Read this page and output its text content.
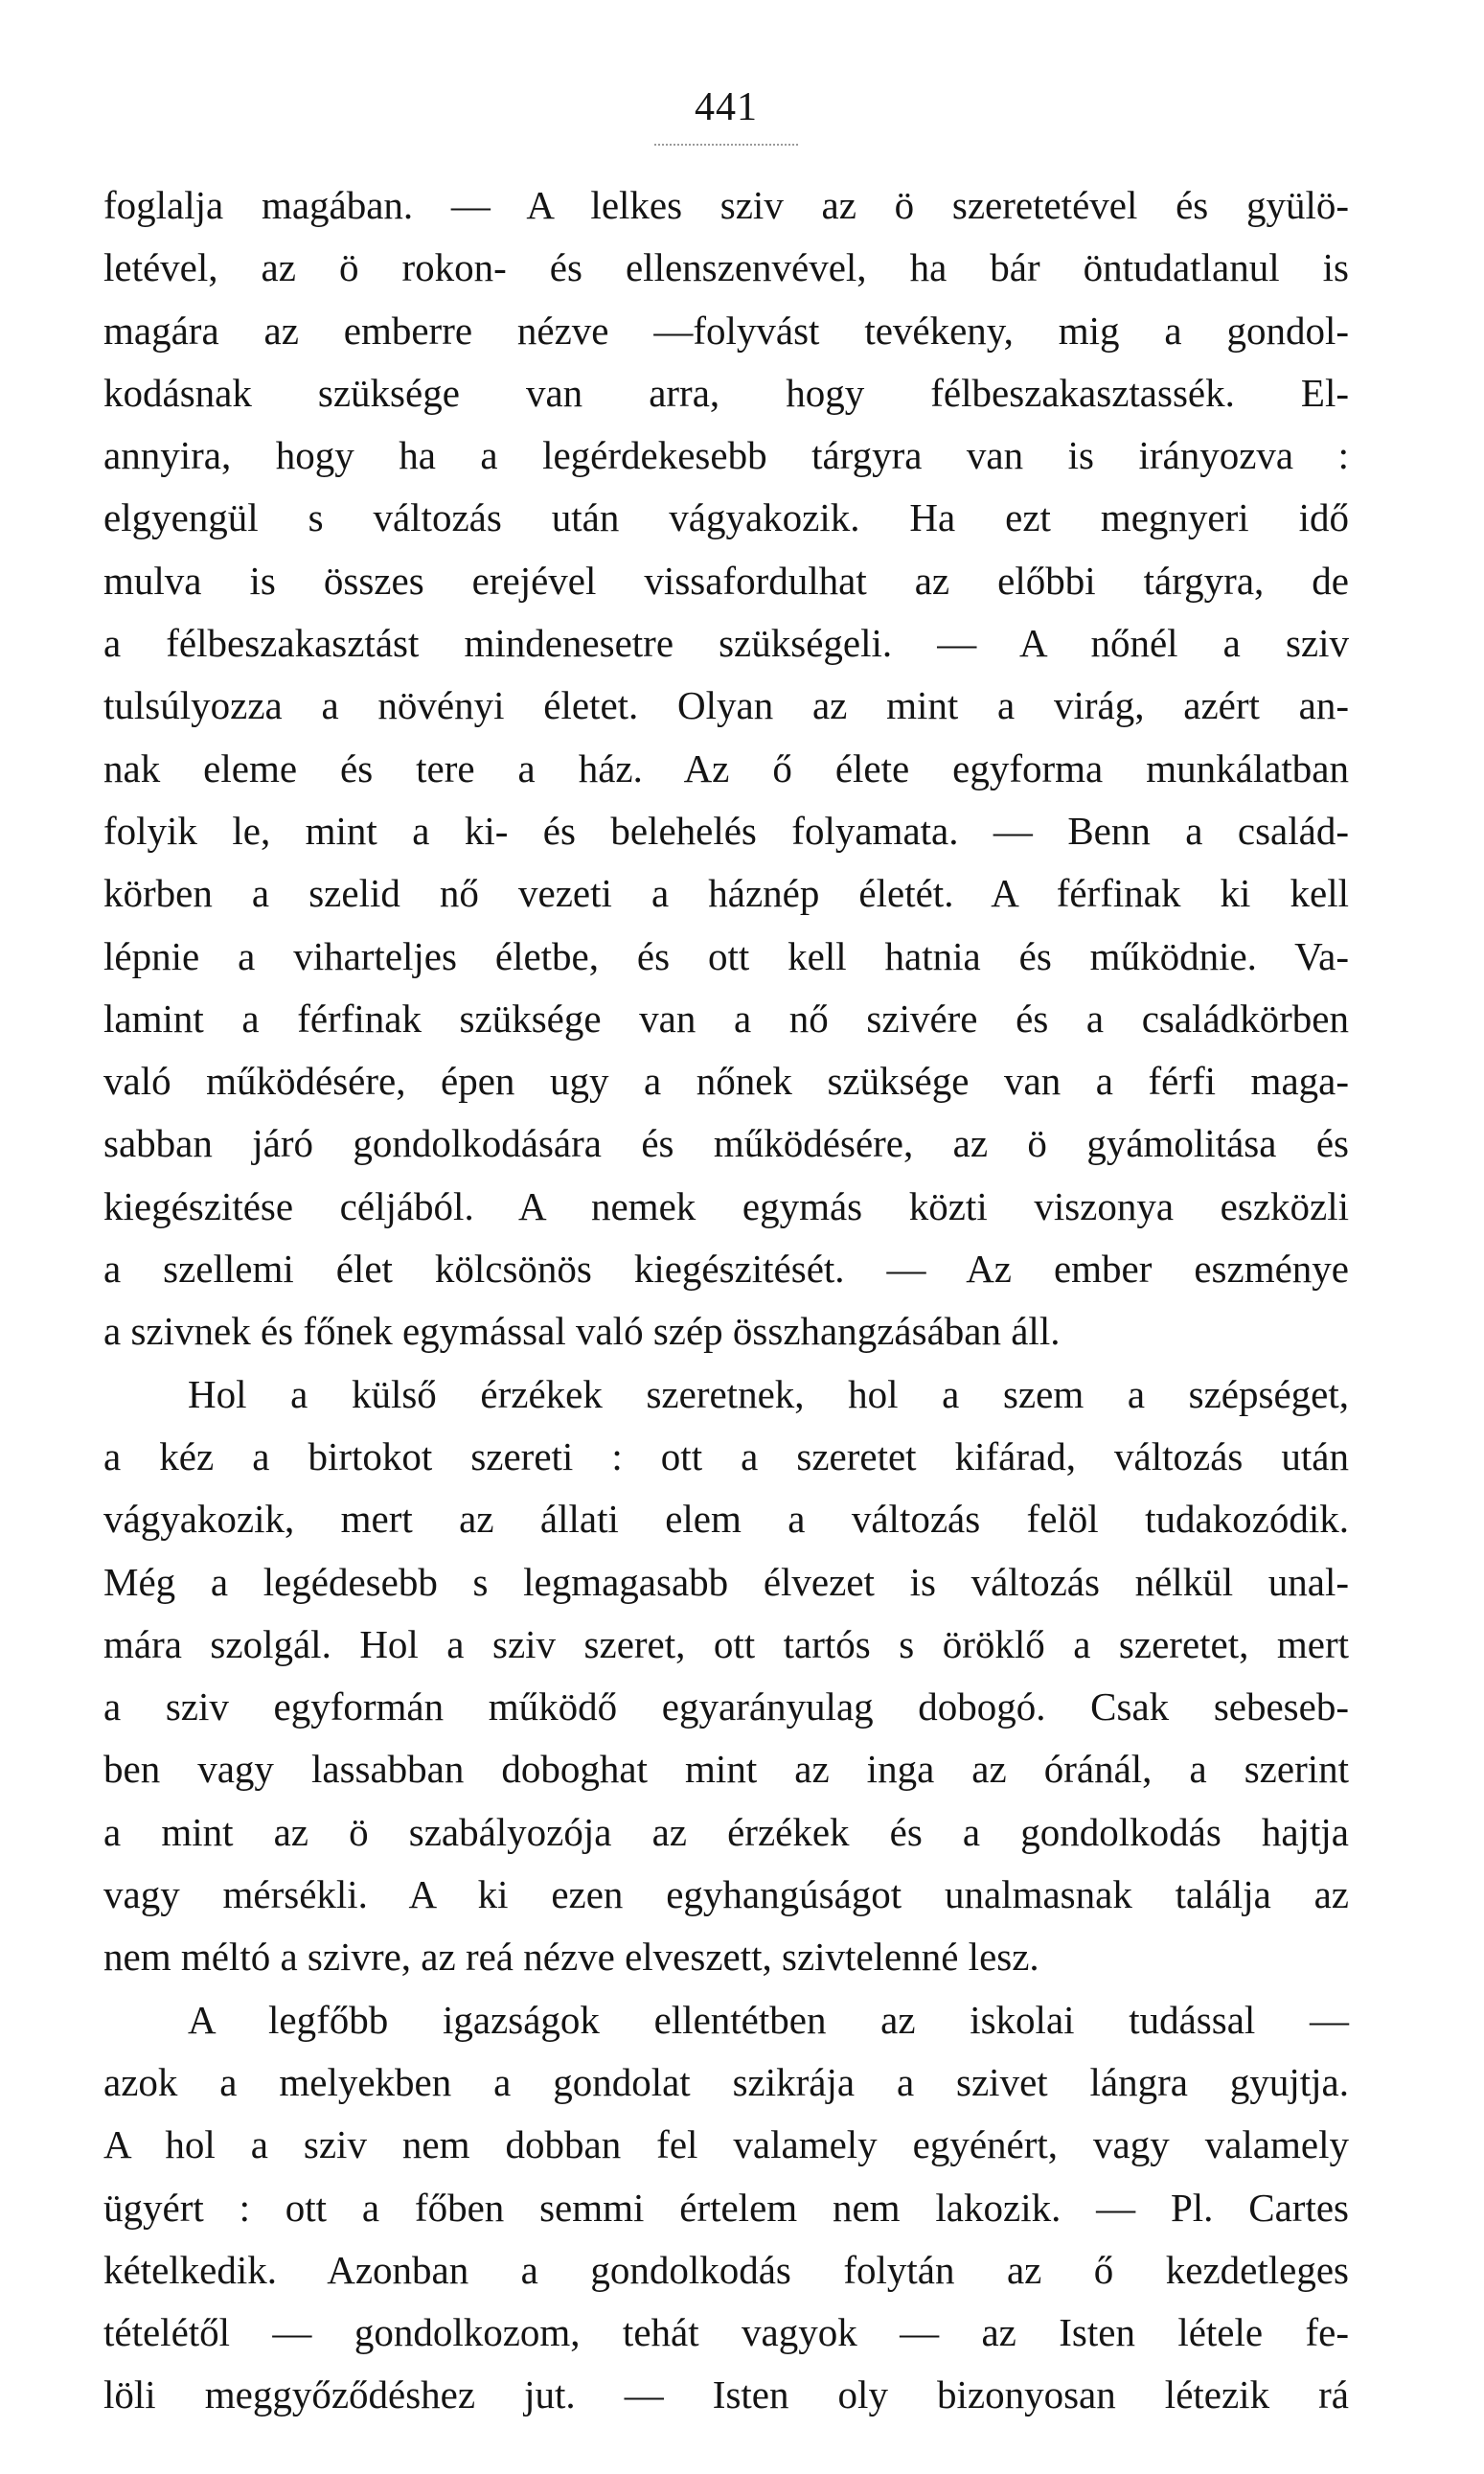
441
foglalja magában. — A lelkes sziv az ö szeretetével és gyülö-
letével, az ö rokon- és ellenszenvével, ha bár öntudatlanul is
magára az emberre nézve —folyvást tevékeny, mig a gondol-
kodásnak szüksége van arra, hogy félbeszakasztassék. El-
annyira, hogy ha a legérdekesebb tárgyra van is irányozva :
elgyengül s változás után vágyakozik. Ha ezt megnyeri idő
mulva is összes erejével vissafordulhat az előbbi tárgyra, de
a félbeszakasztást mindenesetre szükségeli. — A nőnél a sziv
tulsúlyozza a növényi életet. Olyan az mint a virág, azért an-
nak eleme és tere a ház. Az ő élete egyforma munkálatban
folyik le, mint a ki- és belehelés folyamata. — Benn a család-
körben a szelid nő vezeti a háznép életét. A férfinak ki kell
lépnie a viharteljes életbe, és ott kell hatnia és működnie. Va-
lamint a férfinak szüksége van a nő szivére és a családkörben
való működésére, épen ugy a nőnek szüksége van a férfi maga-
sabban járó gondolkodására és működésére, az ö gyámolitása és
kiegészitése céljából. A nemek egymás közti viszonya eszközli
a szellemi élet kölcsönös kiegészitését. — Az ember eszménye
a szivnek és főnek egymással való szép összhangzásában áll.
Hol a külső érzékek szeretnek, hol a szem a szépséget,
a kéz a birtokot szereti : ott a szeretet kifárad, változás után
vágyakozik, mert az állati elem a változás felöl tudakozódik.
Még a legédesebb s legmagasabb élvezet is változás nélkül unal-
mára szolgál. Hol a sziv szeret, ott tartós s öröklő a szeretet, mert
a sziv egyformán működő egyarányulag dobogó. Csak sebeseb-
ben vagy lassabban doboghat mint az inga az óránál, a szerint
a mint az ö szabályozója az érzékek és a gondolkodás hajtja
vagy mérsékli. A ki ezen egyhangúságot unalmasnak találja az
nem méltó a szivre, az reá nézve elveszett, szivtelenné lesz.
A legfőbb igazságok ellentétben az iskolai tudással —
azok a melyekben a gondolat szikrája a szivet lángra gyujtja.
A hol a sziv nem dobban fel valamely egyénért, vagy valamely
ügyért : ott a főben semmi értelem nem lakozik. — Pl. Cartes
kételkedik. Azonban a gondolkodás folytán az ő kezdetleges
tételétől — gondolkozom, tehát vagyok — az Isten létele fe-
löli meggyőződéshez jut. — Isten oly bizonyosan létezik rá
